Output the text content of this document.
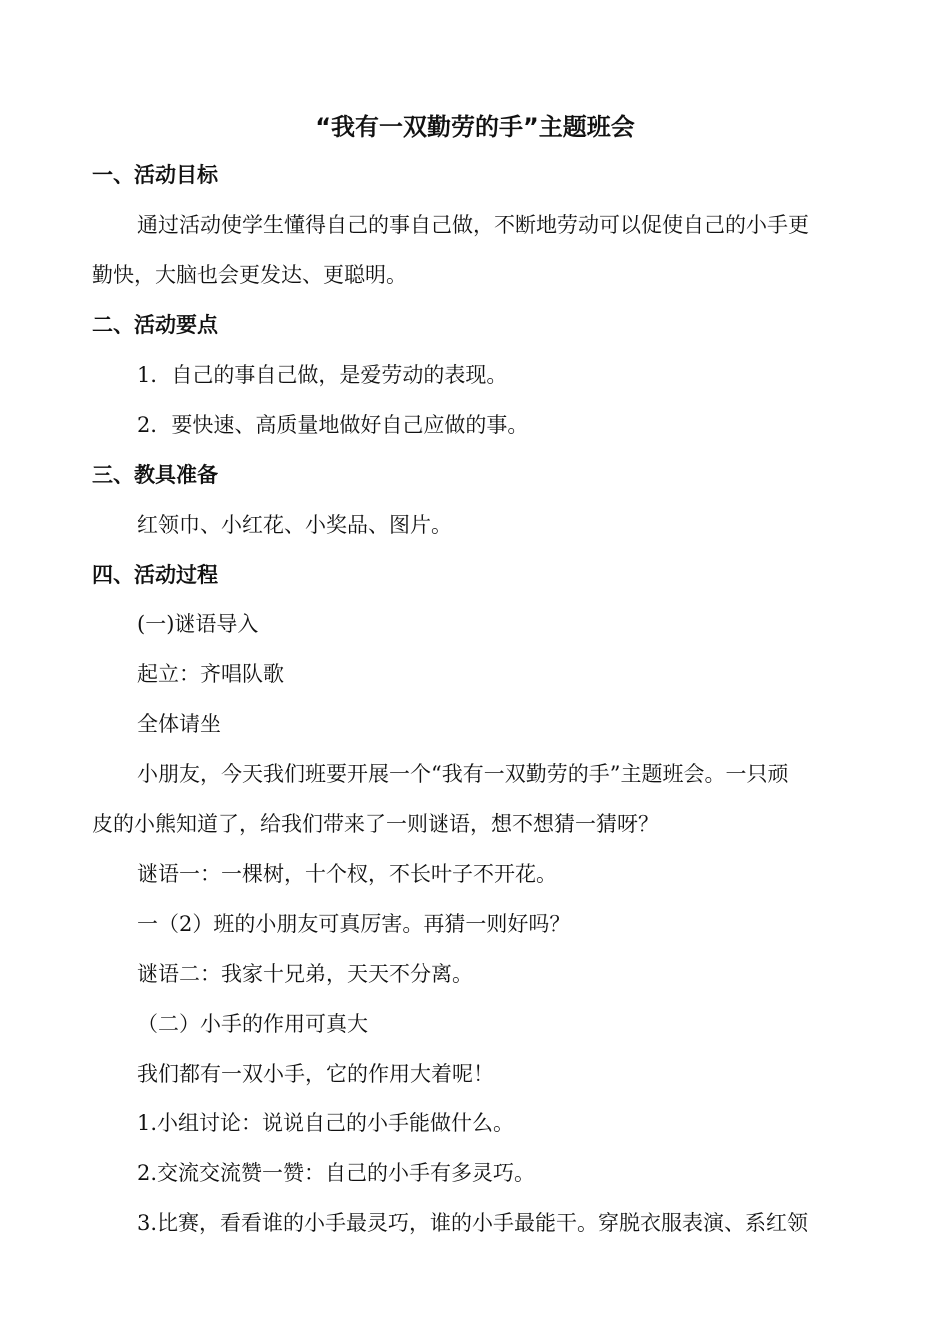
“我有一双勤劳的手”主题班会
一、活动目标
通过活动使学生懂得自己的事自己做，不断地劳动可以促使自己的小手更
勤快，大脑也会更发达、更聪明。
二、活动要点
1．自己的事自己做，是爱劳动的表现。
2．要快速、高质量地做好自己应做的事。
三、教具准备
红领巾、小红花、小奖品、图片。
四、活动过程
(一)谜语导入
起立：齐唱队歌
全体请坐
小朋友，今天我们班要开展一个“我有一双勤劳的手”主题班会。一只顽
皮的小熊知道了，给我们带来了一则谜语，想不想猜一猜呀？
谜语一：一棵树，十个杈，不长叶子不开花。
一（2）班的小朋友可真厉害。再猜一则好吗？
谜语二：我家十兄弟，天天不分离。
（二）小手的作用可真大
我们都有一双小手，它的作用大着呢！
1.小组讨论：说说自己的小手能做什么。
2.交流交流赞一赞：自己的小手有多灵巧。
3.比赛，看看谁的小手最灵巧，谁的小手最能干。穿脱衣服表演、系红领
